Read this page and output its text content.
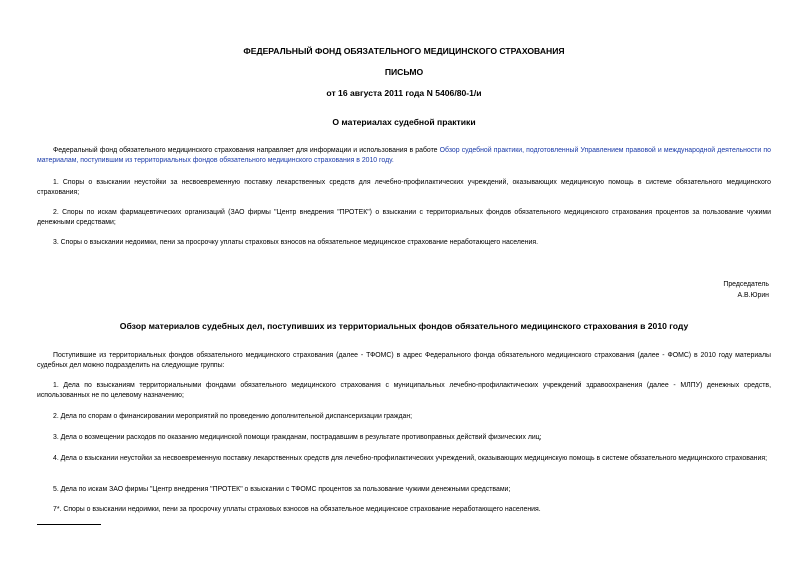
ФЕДЕРАЛЬНЫЙ ФОНД ОБЯЗАТЕЛЬНОГО МЕДИЦИНСКОГО СТРАХОВАНИЯ
ПИСЬМО
от 16 августа 2011 года N 5406/80-1/и
О материалах судебной практики

Федеральный фонд обязательного медицинского страхования направляет для информации и использования в работе Обзор судебной практики, подготовленный Управлением правовой и международной деятельности по материалам, поступившим из территориальных фондов обязательного медицинского страхования в 2010 году.

1. Споры о взыскании неустойки за несвоевременную поставку лекарственных средств для лечебно-профилактических учреждений, оказывающих медицинскую помощь в системе обязательного медицинского страхования;

2. Споры по искам фармацевтических организаций (ЗАО фирмы "Центр внедрения "ПРОТЕК") о взыскании с территориальных фондов обязательного медицинского страхования процентов за пользование чужими денежными средствами;

3. Споры о взыскании недоимки, пени за просрочку уплаты страховых взносов на обязательное медицинское страхование неработающего населения.

Председатель
А.В.Юрин
Обзор материалов судебных дел, поступивших из территориальных фондов обязательного медицинского страхования в 2010 году

Поступившие из территориальных фондов обязательного медицинского страхования (далее - ТФОМС) в адрес Федерального фонда обязательного медицинского страхования (далее - ФОМС) в 2010 году материалы судебных дел можно подразделить на следующие группы:

1. Дела по взысканиям территориальными фондами обязательного медицинского страхования с муниципальных лечебно-профилактических учреждений здравоохранения (далее - МЛПУ) денежных средств, использованных не по целевому назначению;

2. Дела по спорам о финансировании мероприятий по проведению дополнительной диспансеризации граждан;

3. Дела о возмещении расходов по оказанию медицинской помощи гражданам, пострадавшим в результате противоправных действий физических лиц;

4. Дела о взыскании неустойки за несвоевременную поставку лекарственных средств для лечебно-профилактических учреждений, оказывающих медицинскую помощь в системе обязательного медицинского страхования;

5. Дела по искам ЗАО фирмы "Центр внедрения "ПРОТЕК" о взыскании с ТФОМС процентов за пользование чужими денежными средствами;

7*. Споры о взыскании недоимки, пени за просрочку уплаты страховых взносов на обязательное медицинское страхование неработающего населения.
